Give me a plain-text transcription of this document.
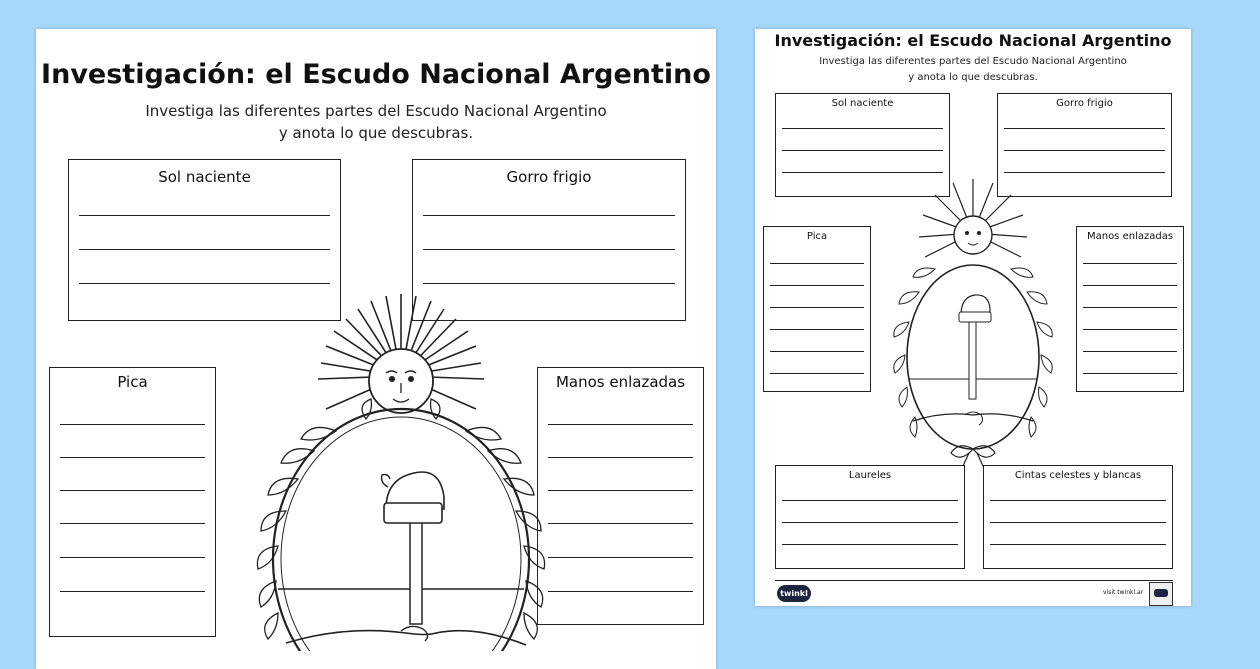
Investigación: el Escudo Nacional Argentino
Investiga las diferentes partes del Escudo Nacional Argentino
y anota lo que descubras.
Sol naciente	Gorro frigio
Pica	Manos enlazadas
Investigación: el Escudo Nacional Argentino
Investiga las diferentes partes del Escudo Nacional Argentino
y anota lo que descubras.
Sol naciente	Gorro frigio
Pica	Manos enlazadas
Laureles	Cintas celestes y blancas
twinkl	visit twinkl.ar
